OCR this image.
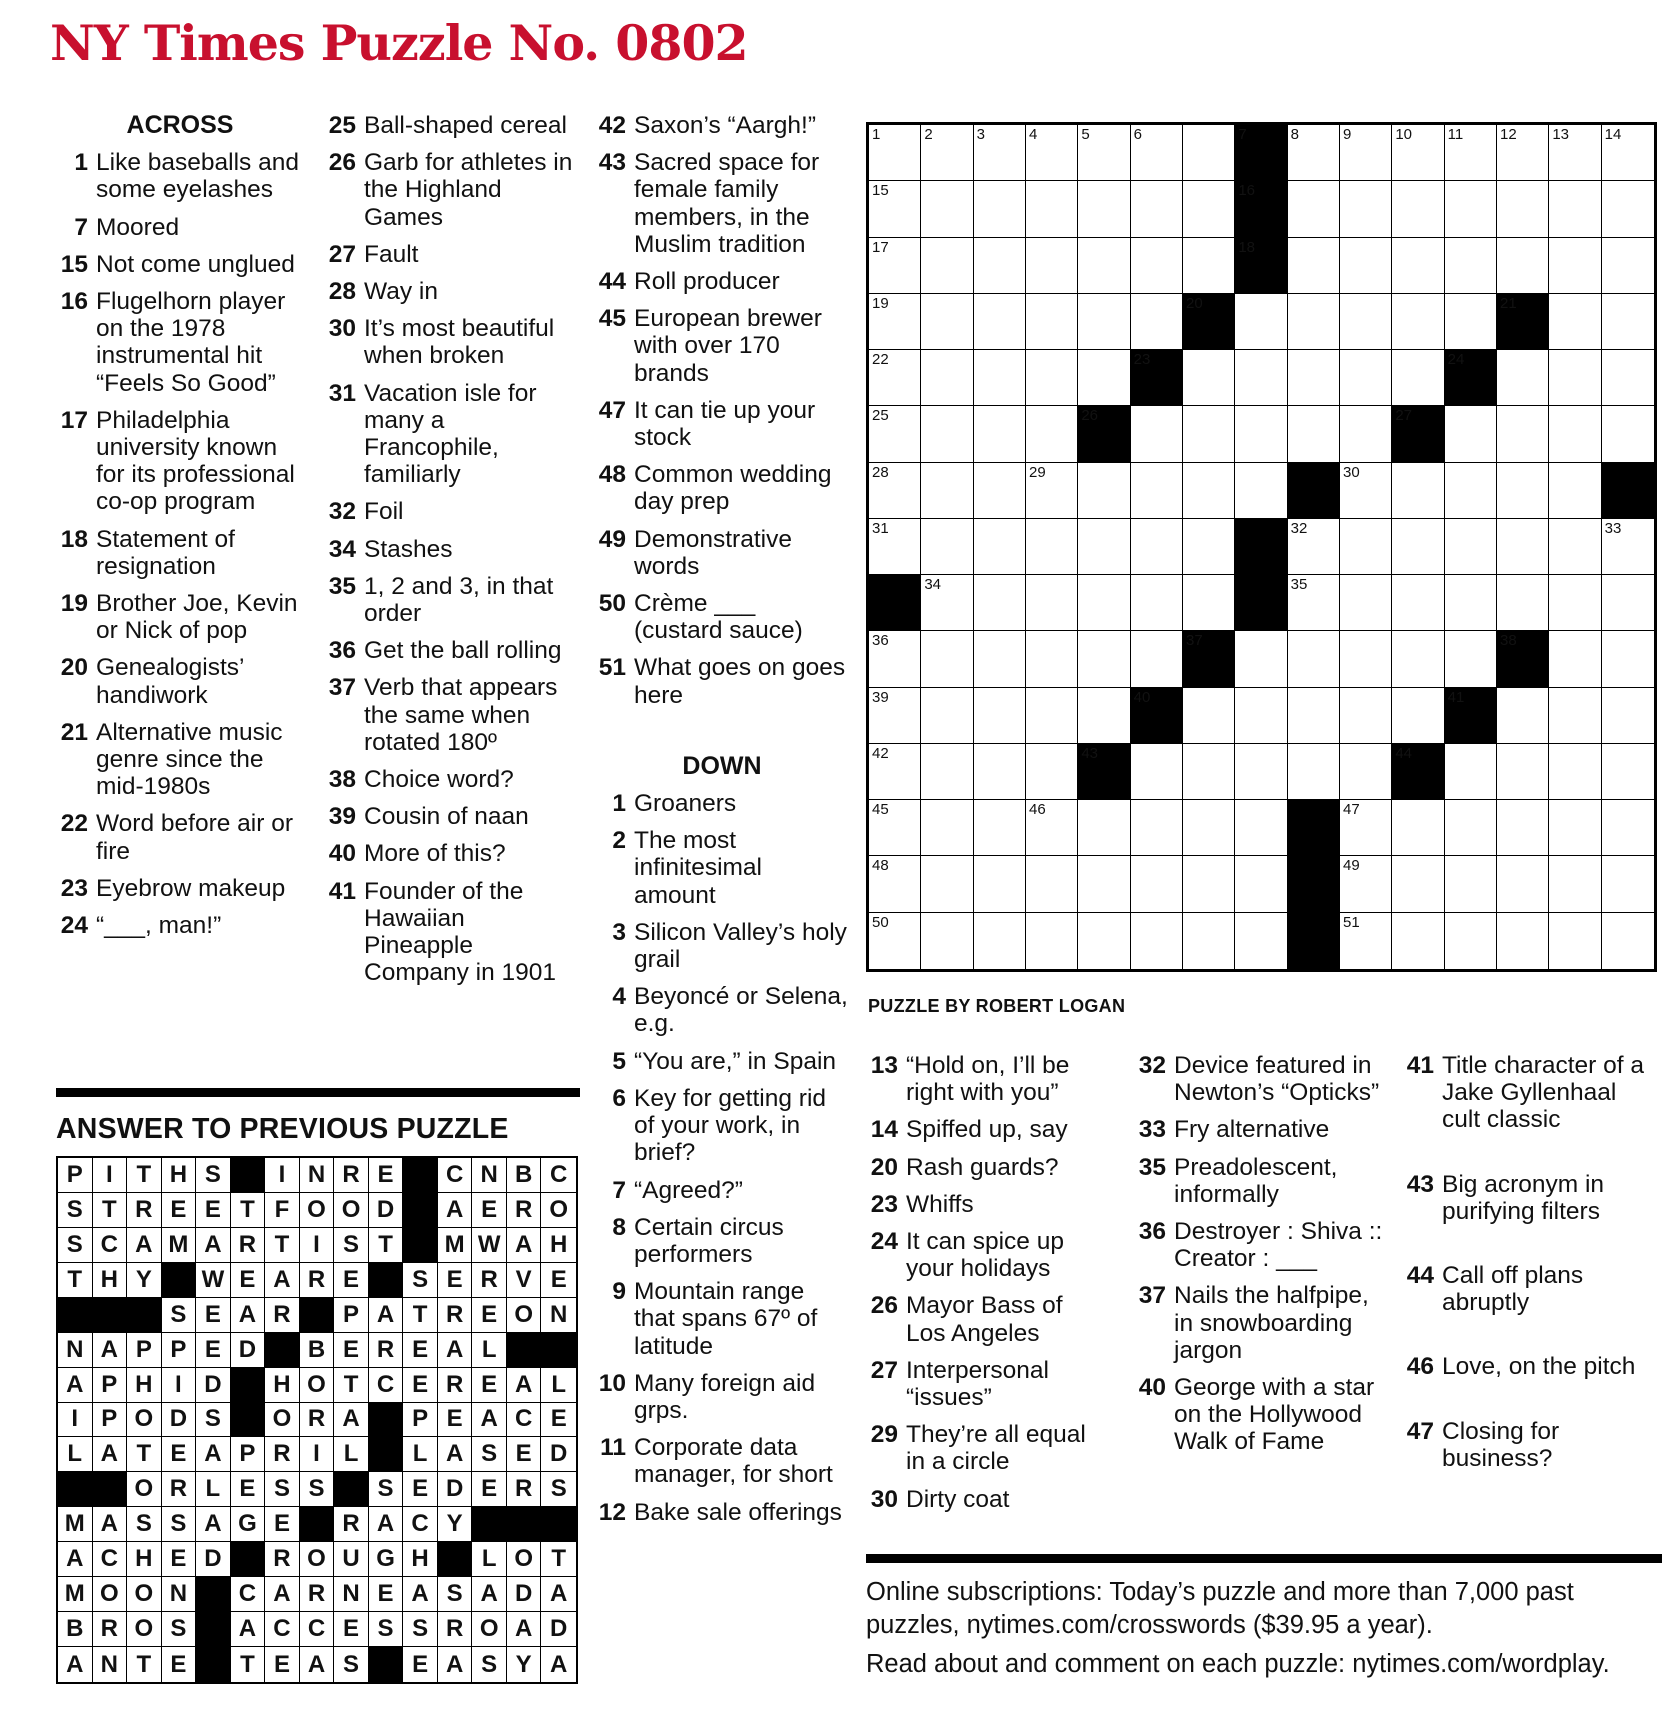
NY Times Puzzle No. 0802
ACROSS
1 Like baseballs and some eyelashes
7 Moored
15 Not come unglued
16 Flugelhorn player on the 1978 instrumental hit “Feels So Good”
17 Philadelphia university known for its professional co-op program
18 Statement of resignation
19 Brother Joe, Kevin or Nick of pop
20 Genealogists’ handiwork
21 Alternative music genre since the mid-1980s
22 Word before air or fire
23 Eyebrow makeup
24 “___, man!”
25 Ball-shaped cereal
26 Garb for athletes in the Highland Games
27 Fault
28 Way in
30 It’s most beautiful when broken
31 Vacation isle for many a Francophile, familiarly
32 Foil
34 Stashes
35 1, 2 and 3, in that order
36 Get the ball rolling
37 Verb that appears the same when rotated 180º
38 Choice word?
39 Cousin of naan
40 More of this?
41 Founder of the Hawaiian Pineapple Company in 1901
42 Saxon’s “Aargh!”
43 Sacred space for female family members, in the Muslim tradition
44 Roll producer
45 European brewer with over 170 brands
47 It can tie up your stock
48 Common wedding day prep
49 Demonstrative words
50 Crème ___ (custard sauce)
51 What goes on goes here
DOWN
1 Groaners
2 The most infinitesimal amount
3 Silicon Valley’s holy grail
4 Beyoncé or Selena, e.g.
5 “You are,” in Spain
6 Key for getting rid of your work, in brief?
7 “Agreed?”
8 Certain circus performers
9 Mountain range that spans 67º of latitude
10 Many foreign aid grps.
11 Corporate data manager, for short
12 Bake sale offerings
ANSWER TO PREVIOUS PUZZLE
P I T H S	I N R E	C N B C
S T R E E T F O O D	A E R O
S C A M A R T I S T	M W A H
T H Y	W E A R E	S E R V E
S E A R	P A T R E O N
N A P P E D	B E R E A L
A P H I D	H O T C E R E A L
I P O D S	O R A	P E A C E
L A T E A P R I L	L A S E D
O R L E S S	S E D E R S
M A S S A G E	R A C Y
A C H E D	R O U G H	L O T
M O O N	C A R N E A S A D A
B R O S	A C C E S S R O A D
A N T E	T E A S	E A S Y A
1	2	3	4	5	6	7	8	9	10 11 12 13 14
15	16
17	18
19	20	21
22	23	24
25	26	27
28	29	30
31	32	33
34	35
36	37	38
39	40	41
42	43	44
45	46	47
48	49
50	51
PUZZLE BY ROBERT LOGAN
13 “Hold on, I’ll be right with you”
14 Spiffed up, say
20 Rash guards?
23 Whiffs
24 It can spice up your holidays
26 Mayor Bass of Los Angeles
27 Interpersonal “issues”
29 They’re all equal in a circle
30 Dirty coat
32 Device featured in Newton’s “Opticks”
33 Fry alternative
35 Preadolescent, informally
36 Destroyer : Shiva :: Creator : ___
37 Nails the halfpipe, in snowboarding jargon
40 George with a star on the Hollywood Walk of Fame
41 Title character of a Jake Gyllenhaal cult classic
43 Big acronym in purifying filters
44 Call off plans abruptly
46 Love, on the pitch
47 Closing for business?

Online subscriptions: Today’s puzzle and more than 7,000 past puzzles, nytimes.com/crosswords ($39.95 a year).

Read about and comment on each puzzle: nytimes.com/wordplay.
